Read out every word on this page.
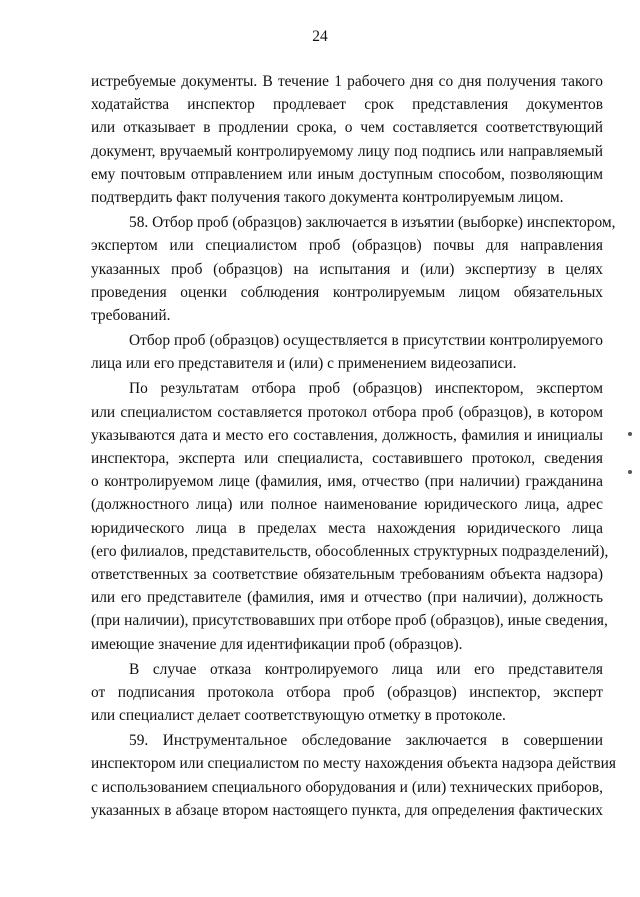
24
истребуемые документы. В течение 1 рабочего дня со дня получения такого
ходатайства инспектор продлевает срок представления документов
или отказывает в продлении срока, о чем составляется соответствующий
документ, вручаемый контролируемому лицу под подпись или направляемый
ему почтовым отправлением или иным доступным способом, позволяющим
подтвердить факт получения такого документа контролируемым лицом.
58. Отбор проб (образцов) заключается в изъятии (выборке) инспектором,
экспертом или специалистом проб (образцов) почвы для направления
указанных проб (образцов) на испытания и (или) экспертизу в целях
проведения оценки соблюдения контролируемым лицом обязательных
требований.
Отбор проб (образцов) осуществляется в присутствии контролируемого
лица или его представителя и (или) с применением видеозаписи.
По результатам отбора проб (образцов) инспектором, экспертом
или специалистом составляется протокол отбора проб (образцов), в котором
указываются дата и место его составления, должность, фамилия и инициалы
инспектора, эксперта или специалиста, составившего протокол, сведения
о контролируемом лице (фамилия, имя, отчество (при наличии) гражданина
(должностного лица) или полное наименование юридического лица, адрес
юридического лица в пределах места нахождения юридического лица
(его филиалов, представительств, обособленных структурных подразделений),
ответственных за соответствие обязательным требованиям объекта надзора)
или его представителе (фамилия, имя и отчество (при наличии), должность
(при наличии), присутствовавших при отборе проб (образцов), иные сведения,
имеющие значение для идентификации проб (образцов).
В случае отказа контролируемого лица или его представителя
от подписания протокола отбора проб (образцов) инспектор, эксперт
или специалист делает соответствующую отметку в протоколе.
59. Инструментальное обследование заключается в совершении
инспектором или специалистом по месту нахождения объекта надзора действия
с использованием специального оборудования и (или) технических приборов,
указанных в абзаце втором настоящего пункта, для определения фактических
